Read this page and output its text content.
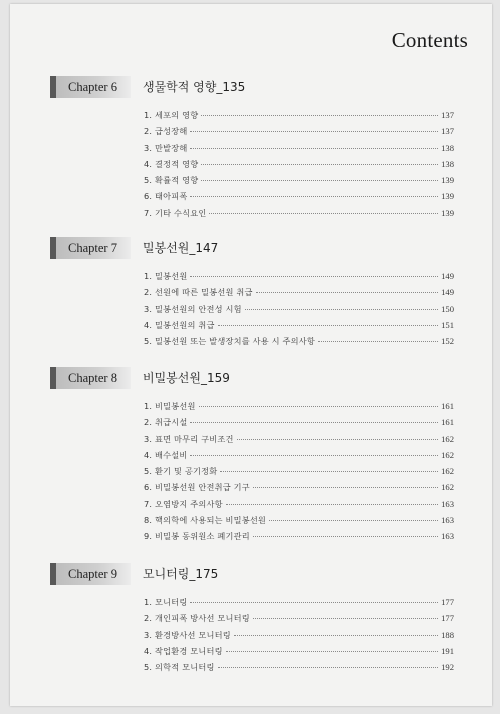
Contents
Chapter 6	생물학적 영향_135
1. 세포의 영향	137
2. 급성장해	137
3. 만발장해	138
4. 결정적 영향	138
5. 확률적 영향	139
6. 태아피폭	139
7. 기타 수식요인	139
Chapter 7	밀봉선원_147
1. 밀봉선원	149
2. 선원에 따른 밀봉선원 취급	149
3. 밀봉선원의 안전성 시험	150
4. 밀봉선원의 취급	151
5. 밀봉선원 또는 발생장치를 사용 시 주의사항	152
Chapter 8	비밀봉선원_159
1. 비밀봉선원	161
2. 취급시설	161
3. 표면 마무리 구비조건	162
4. 배수설비	162
5. 환기 및 공기정화	162
6. 비밀봉선원 안전취급 기구	162
7. 오염방지 주의사항	163
8. 핵의학에 사용되는 비밀봉선원	163
9. 비밀봉 동위원소 폐기관리	163
Chapter 9	모니터링_175
1. 모니터링	177
2. 개인피폭 방사선 모니터링	177
3. 환경방사선 모니터링	188
4. 작업환경 모니터링	191
5. 의학적 모니터링	192
